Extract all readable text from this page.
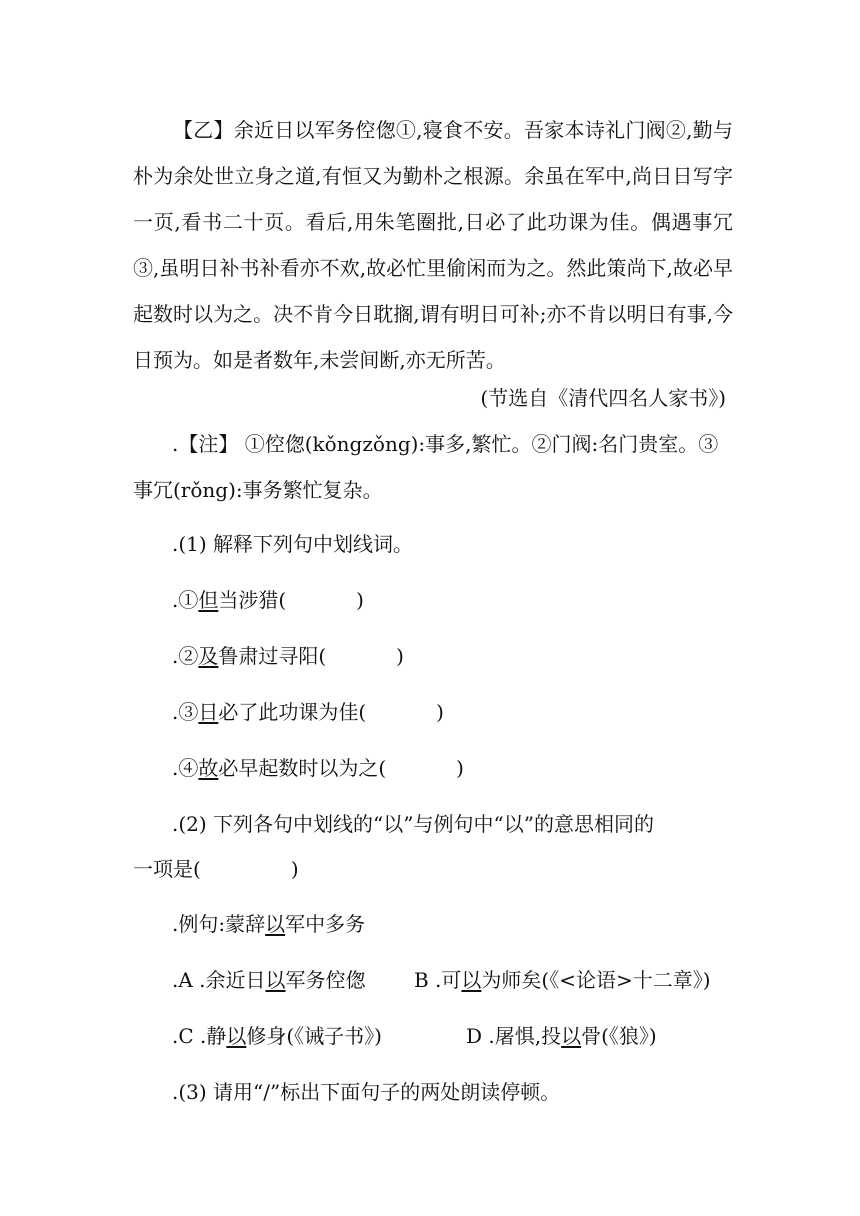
【乙】余近日以军务倥偬①,寝食不安。吾家本诗礼门阀②,勤与朴为余处世立身之道,有恒又为勤朴之根源。余虽在军中,尚日日写字一页,看书二十页。看后,用朱笔圈批,日必了此功课为佳。偶遇事冗③,虽明日补书补看亦不欢,故必忙里偷闲而为之。然此策尚下,故必早起数时以为之。决不肯今日耽搁,谓有明日可补;亦不肯以明日有事,今日预为。如是者数年,未尝间断,亦无所苦。
(节选自《清代四名人家书》)
.【注】 ①倥偬(kǒngzǒng):事多,繁忙。②门阀:名门贵室。③
事冗(rǒng):事务繁忙复杂。
.(1) 解释下列句中划线词。
.①但当涉猎(	)
.②及鲁肃过寻阳(	)
.③日必了此功课为佳(	)
.④故必早起数时以为之(	)
.(2) 下列各句中划线的“以”与例句中“以”的意思相同的
一项是(	)
.例句:蒙辞以军中多务
.A .余近日以军务倥偬 B .可以为师矣(《<论语>十二章》)
.C .静以修身(《诫子书》)	D .屠惧,投以骨(《狼》)
.(3) 请用“/”标出下面句子的两处朗读停顿。
